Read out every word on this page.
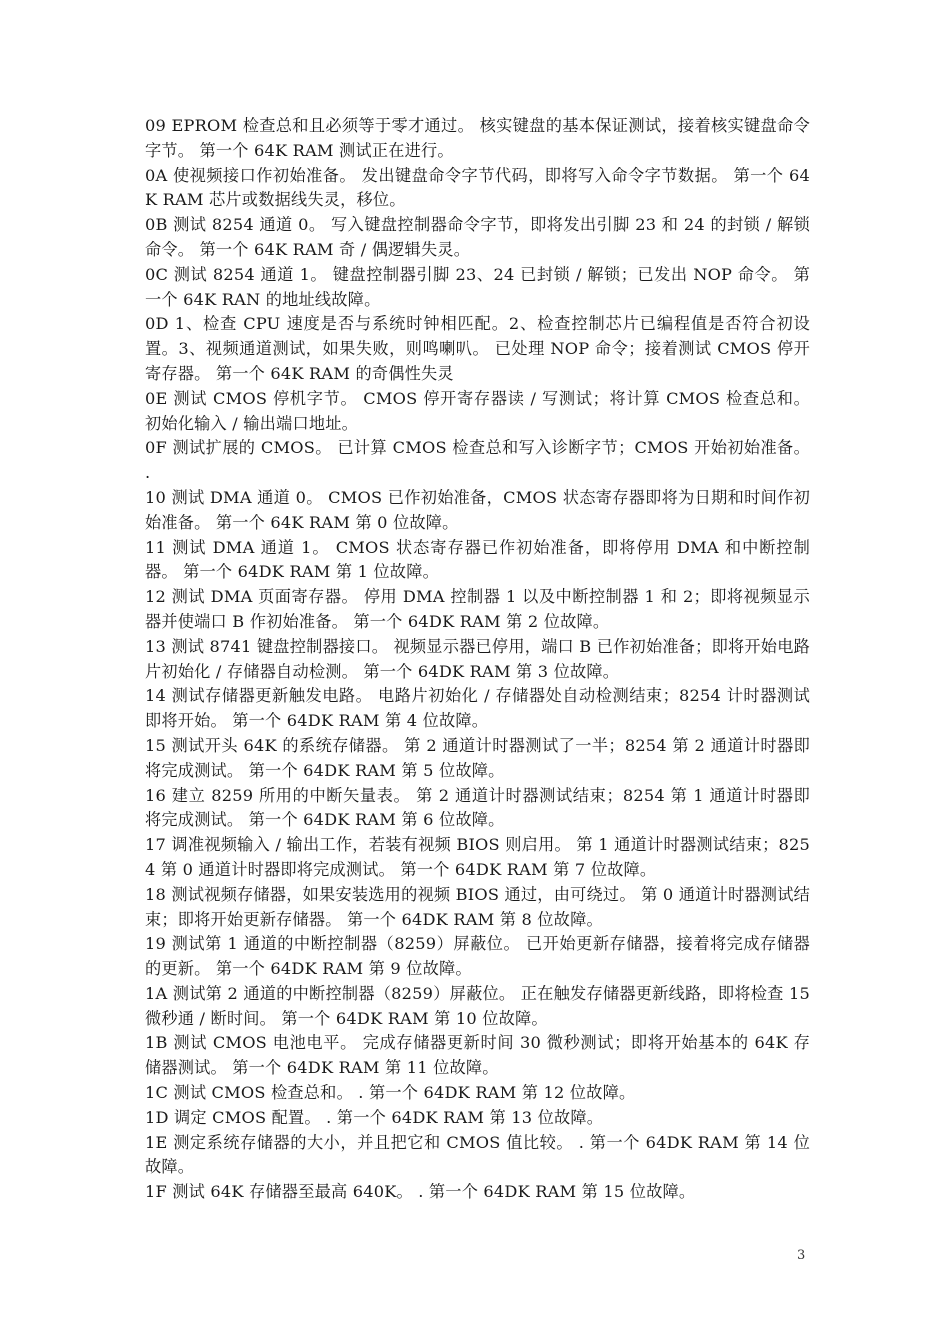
09 EPROM 检查总和且必须等于零才通过。 核实键盘的基本保证测试，接着核实键盘命令字节。 第一个 64K RAM 测试正在进行。

0A 使视频接口作初始准备。 发出键盘命令字节代码，即将写入命令字节数据。 第一个 64K RAM 芯片或数据线失灵，移位。

0B 测试 8254 通道 0。 写入键盘控制器命令字节，即将发出引脚 23 和 24 的封锁 / 解锁命令。 第一个 64K RAM 奇 / 偶逻辑失灵。

0C 测试 8254 通道 1。 键盘控制器引脚 23、24 已封锁 / 解锁；已发出 NOP 命令。 第一个 64K RAN 的地址线故障。

0D 1、检查 CPU 速度是否与系统时钟相匹配。2、检查控制芯片已编程值是否符合初设置。3、视频通道测试，如果失败，则鸣喇叭。 已处理 NOP 命令；接着测试 CMOS 停开寄存器。 第一个 64K RAM 的奇偶性失灵

0E 测试 CMOS 停机字节。 CMOS 停开寄存器读 / 写测试；将计算 CMOS 检查总和。 初始化输入 / 输出端口地址。

0F 测试扩展的 CMOS。 已计算 CMOS 检查总和写入诊断字节；CMOS 开始初始准备。 .

10 测试 DMA 通道 0。 CMOS 已作初始准备，CMOS 状态寄存器即将为日期和时间作初始准备。 第一个 64K RAM 第 0 位故障。

11 测试 DMA 通道 1。 CMOS 状态寄存器已作初始准备，即将停用 DMA 和中断控制器。 第一个 64DK RAM 第 1 位故障。

12 测试 DMA 页面寄存器。 停用 DMA 控制器 1 以及中断控制器 1 和 2；即将视频显示器并使端口 B 作初始准备。 第一个 64DK RAM 第 2 位故障。

13 测试 8741 键盘控制器接口。 视频显示器已停用，端口 B 已作初始准备；即将开始电路片初始化 / 存储器自动检测。 第一个 64DK RAM 第 3 位故障。

14 测试存储器更新触发电路。 电路片初始化 / 存储器处自动检测结束；8254 计时器测试即将开始。 第一个 64DK RAM 第 4 位故障。

15 测试开头 64K 的系统存储器。 第 2 通道计时器测试了一半；8254 第 2 通道计时器即将完成测试。 第一个 64DK RAM 第 5 位故障。

16 建立 8259 所用的中断矢量表。 第 2 通道计时器测试结束；8254 第 1 通道计时器即将完成测试。 第一个 64DK RAM 第 6 位故障。

17 调准视频输入 / 输出工作，若装有视频 BIOS 则启用。 第 1 通道计时器测试结束；8254 第 0 通道计时器即将完成测试。 第一个 64DK RAM 第 7 位故障。

18 测试视频存储器，如果安装选用的视频 BIOS 通过，由可绕过。 第 0 通道计时器测试结束；即将开始更新存储器。 第一个 64DK RAM 第 8 位故障。

19 测试第 1 通道的中断控制器（8259）屏蔽位。 已开始更新存储器，接着将完成存储器的更新。 第一个 64DK RAM 第 9 位故障。

1A 测试第 2 通道的中断控制器（8259）屏蔽位。 正在触发存储器更新线路，即将检查 15 微秒通 / 断时间。 第一个 64DK RAM 第 10 位故障。

1B 测试 CMOS 电池电平。 完成存储器更新时间 30 微秒测试；即将开始基本的 64K 存储器测试。 第一个 64DK RAM 第 11 位故障。

1C 测试 CMOS 检查总和。 . 第一个 64DK RAM 第 12 位故障。

1D 调定 CMOS 配置。 . 第一个 64DK RAM 第 13 位故障。

1E 测定系统存储器的大小，并且把它和 CMOS 值比较。 . 第一个 64DK RAM 第 14 位故障。

1F 测试 64K 存储器至最高 640K。 . 第一个 64DK RAM 第 15 位故障。

3
